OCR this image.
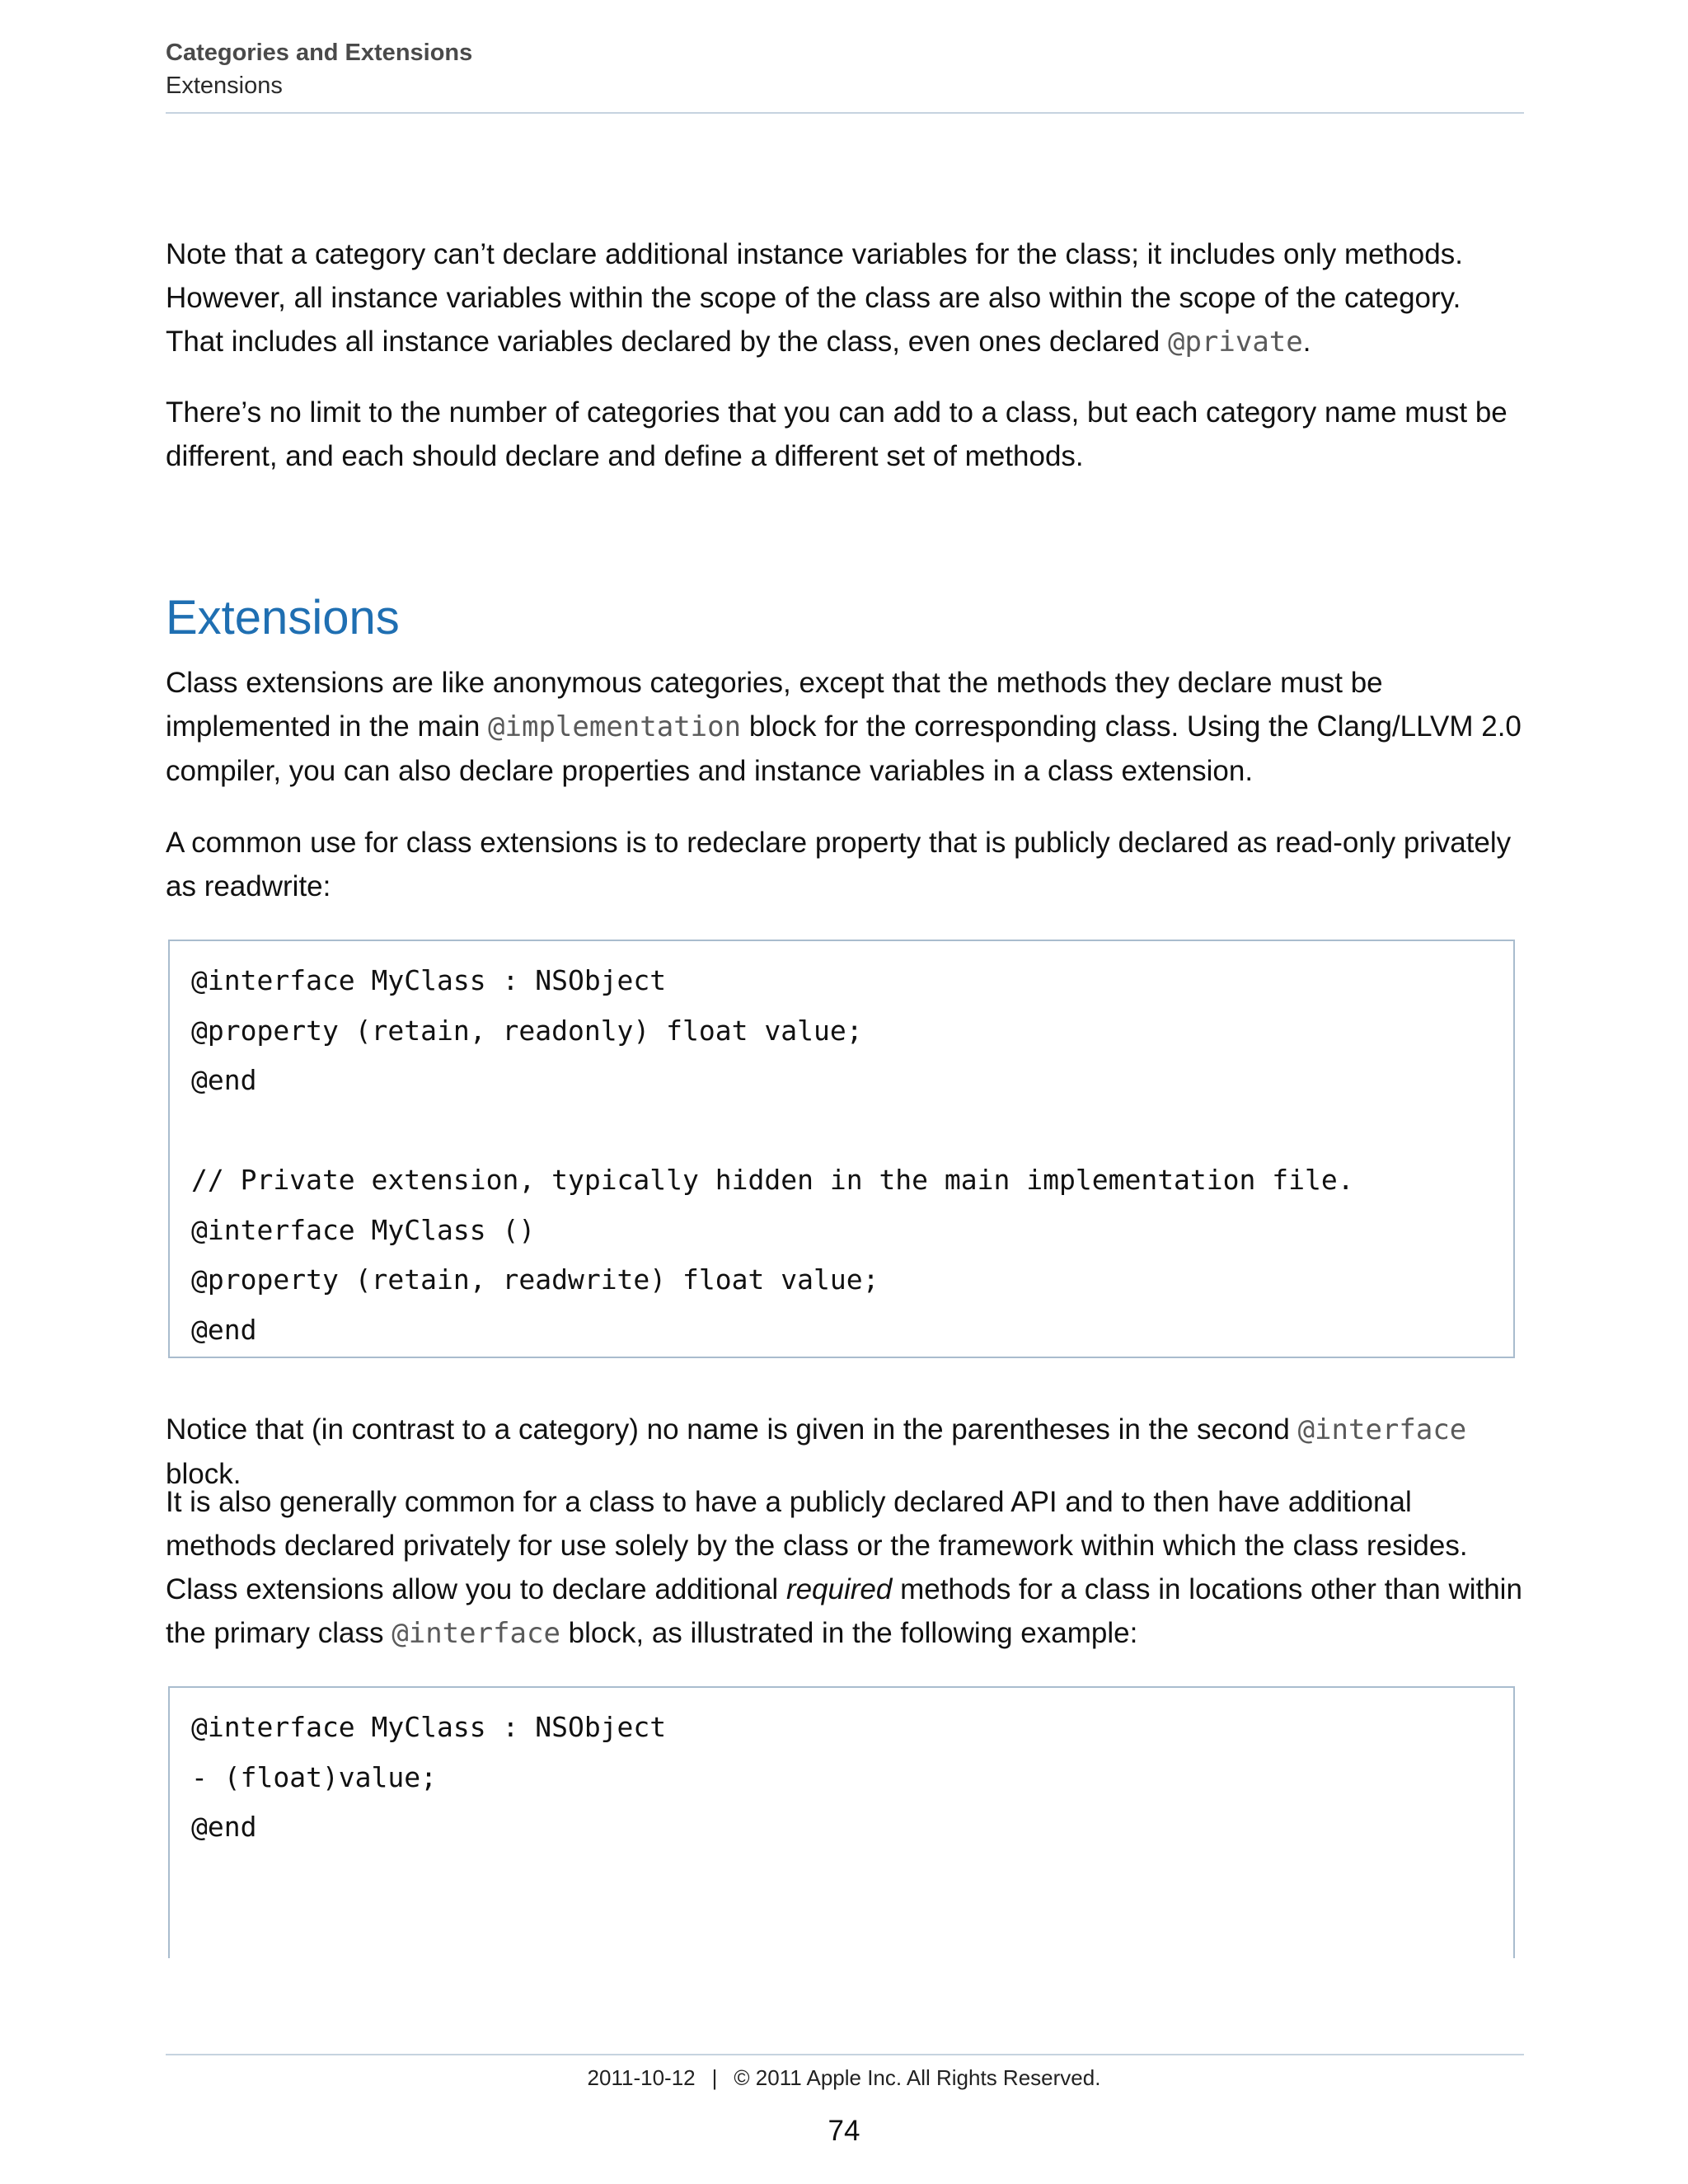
Categories and Extensions
Extensions

Note that a category can’t declare additional instance variables for the class; it includes only methods. However, all instance variables within the scope of the class are also within the scope of the category. That includes all instance variables declared by the class, even ones declared @private.

There’s no limit to the number of categories that you can add to a class, but each category name must be different, and each should declare and define a different set of methods.

Extensions

Class extensions are like anonymous categories, except that the methods they declare must be implemented in the main @implementation block for the corresponding class. Using the Clang/LLVM 2.0 compiler, you can also declare properties and instance variables in a class extension.

A common use for class extensions is to redeclare property that is publicly declared as read-only privately as readwrite:

@interface MyClass : NSObject
@property (retain, readonly) float value;
@end
// Private extension, typically hidden in the main implementation file.
@interface MyClass ()
@property (retain, readwrite) float value;
@end

Notice that (in contrast to a category) no name is given in the parentheses in the second @interface block.

It is also generally common for a class to have a publicly declared API and to then have additional methods declared privately for use solely by the class or the framework within which the class resides. Class extensions allow you to declare additional required methods for a class in locations other than within the primary class @interface block, as illustrated in the following example:

@interface MyClass : NSObject
- (float)value;
@end
2011-10-12 | © 2011 Apple Inc. All Rights Reserved.
74
